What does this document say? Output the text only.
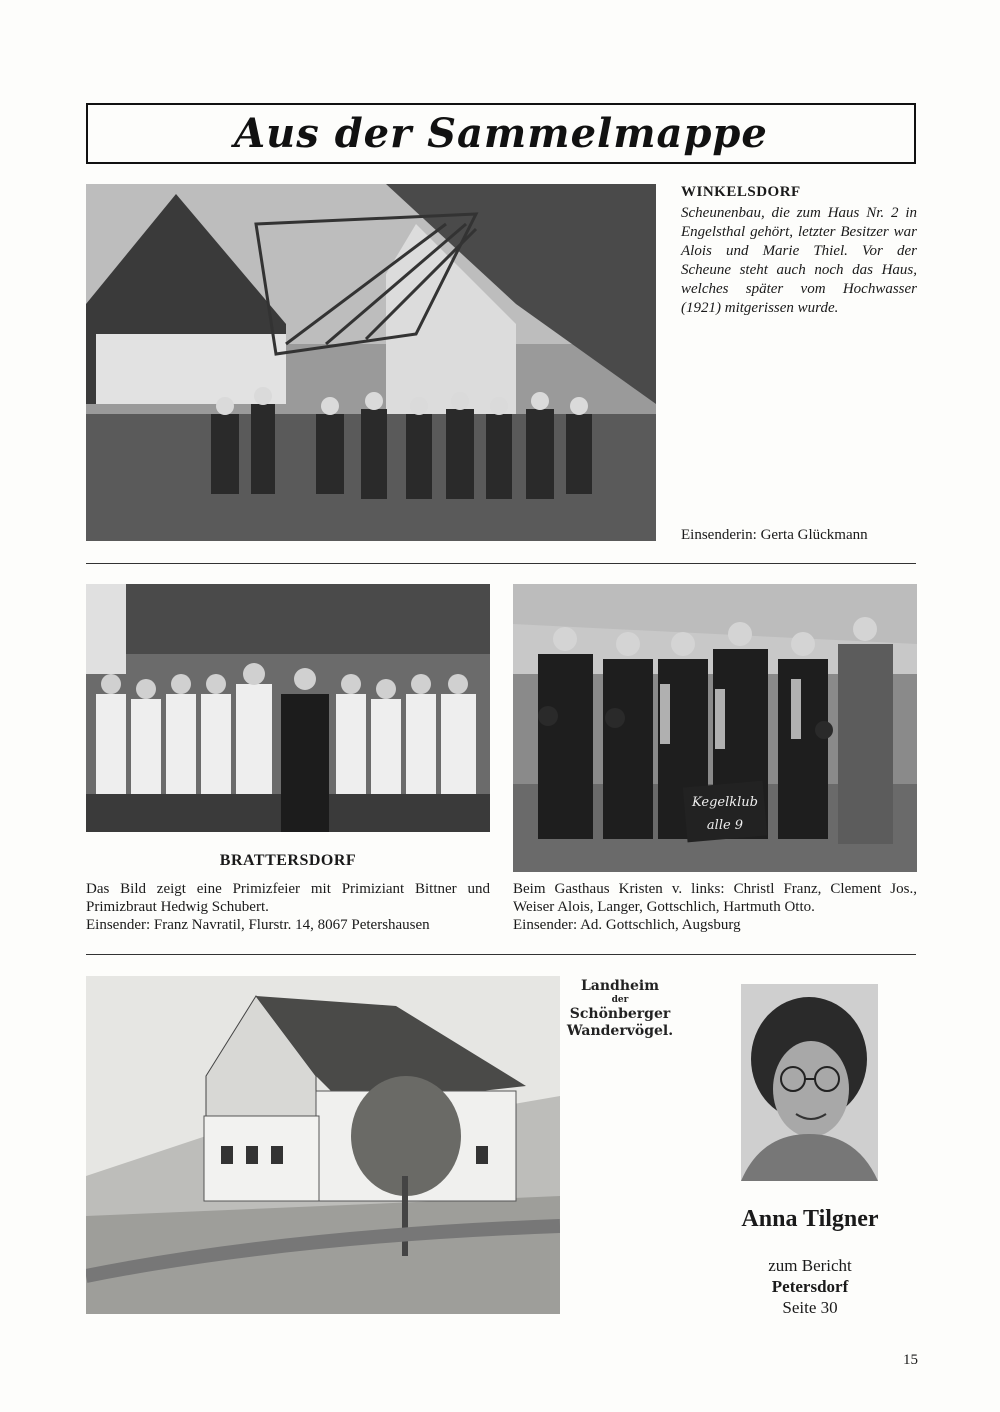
Aus der Sammelmappe
WINKELSDORF
Scheunenbau, die zum Haus Nr. 2 in Engelsthal gehört, letzter Besitzer war Alois und Marie Thiel. Vor der Scheune steht auch noch das Haus, welches später vom Hochwasser (1921) mitgerissen wurde.
Einsenderin: Gerta Glückmann
Kegelklub
alle 9
BRATTERSDORF
Das Bild zeigt eine Primizfeier mit Primiziant Bittner und Primizbraut Hedwig Schubert.
Einsender: Franz Navratil, Flurstr. 14, 8067 Petershausen
Beim Gasthaus Kristen v. links: Christl Franz, Clement Jos., Weiser Alois, Langer, Gottschlich, Hartmuth Otto.
Einsender: Ad. Gottschlich, Augsburg
Landheim
der
Schönberger
Wandervögel.
Anna Tilgner
zum Bericht
Petersdorf
Seite 30
15
